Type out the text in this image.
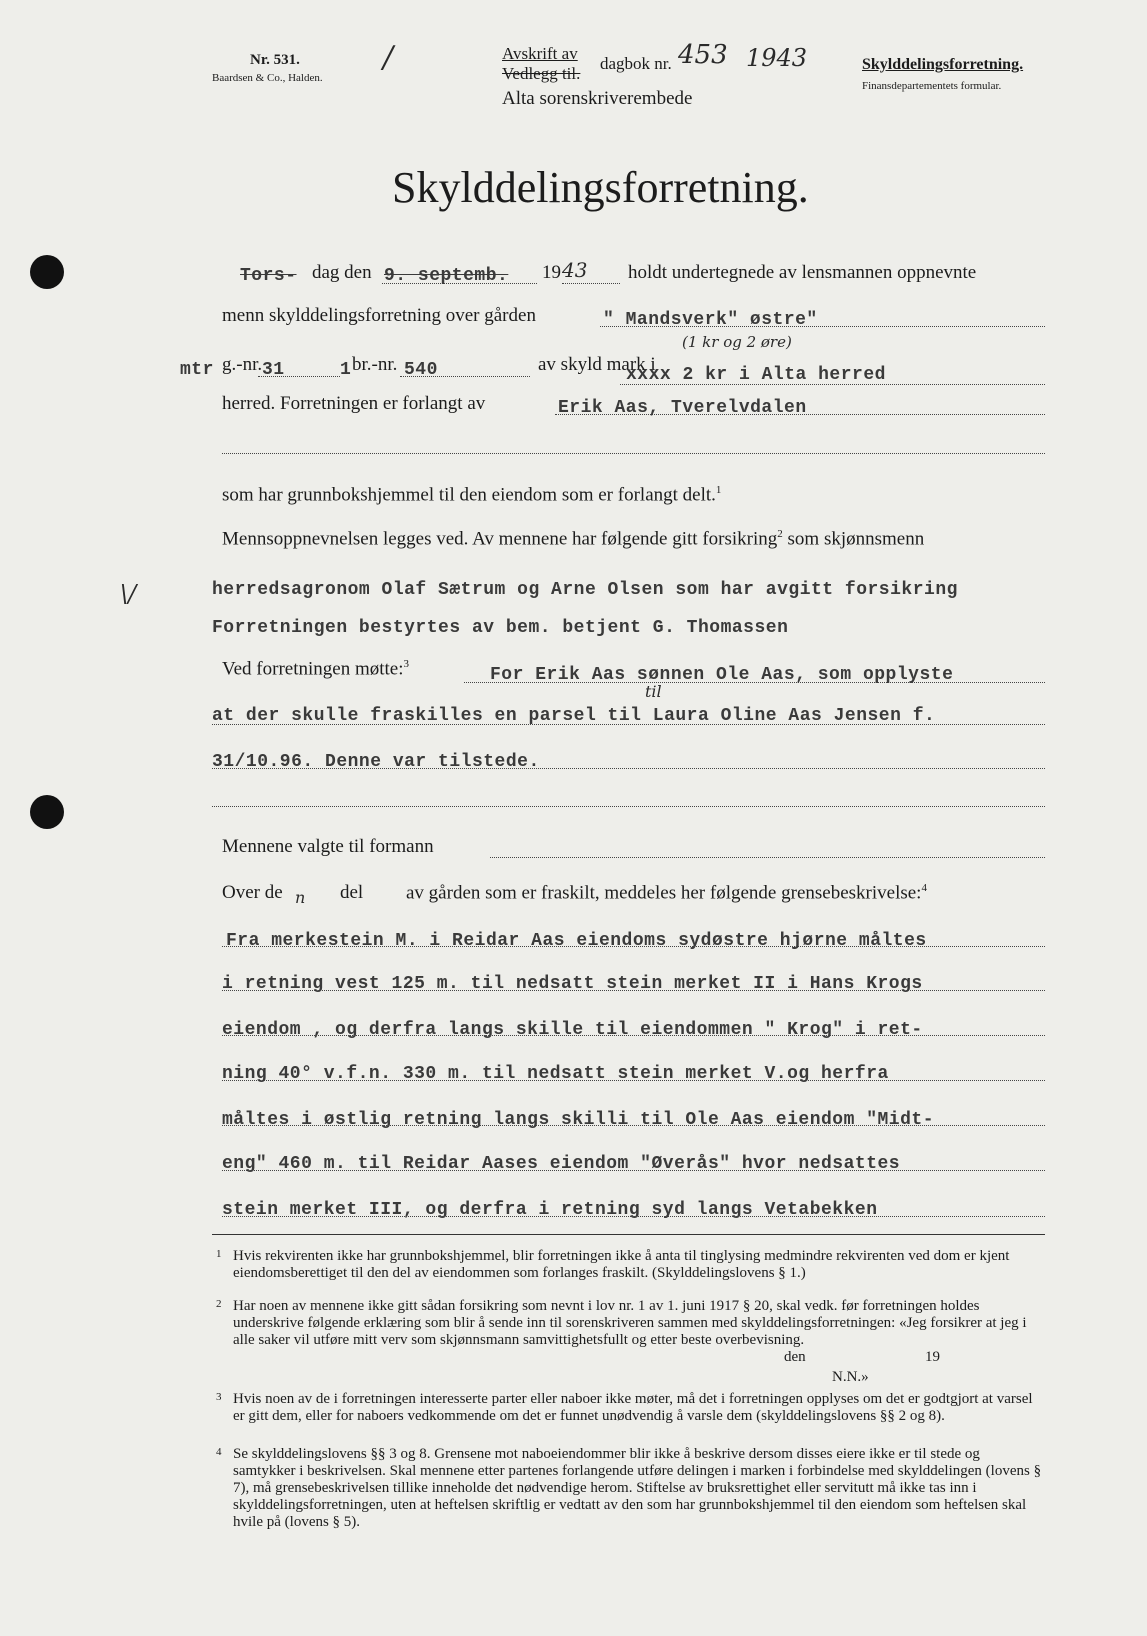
Nr. 531.
Baardsen & Co., Halden.
/	Avskrift av
Vedlegg til.
dagbok nr. 453 1943
Alta sorenskriverembede
Skylddelingsforretning.
Finansdepartementets formular.
Skylddelingsforretning.
Tors- dag den 9. septemb. 19 43 holdt undertegnede av lensmannen oppnevnte
menn skylddelingsforretning over gården	" Mandsverk" østre"
(1 kr og 2 øre)
mtr g.-nr. 31	1 br.-nr. 540	av skyld mark i
xxxx 2 kr i Alta herred
herred. Forretningen er forlangt av	Erik Aas, Tverelvdalen
som har grunnbokshjemmel til den eiendom som er forlangt delt.$^1$
Mennsoppnevnelsen legges ved. Av mennene har følgende gitt forsikring$^2$ som skjønnsmenn
herredsagronom Olaf Sætrum og Arne Olsen som har avgitt forsikring
Forretningen bestyrtes av bem. betjent G. Thomassen
\/
Ved forretningen møtte:$^3$
For Erik Aas sønnen Ole Aas, som opplyste
at der skulle fraskilles en parsel til Laura Oline Aas Jensen f.
til
31/10.96. Denne var tilstede.
Mennene valgte til formann
Over de n del av gården som er fraskilt, meddeles her følgende grensebeskrivelse:$^4$
Fra merkestein M. i Reidar Aas eiendoms sydøstre hjørne måltes
i retning vest 125 m. til nedsatt stein merket II i Hans Krogs
eiendom , og derfra langs skille til eiendommen " Krog" i ret-
ning 40° v.f.n. 330 m. til nedsatt stein merket V.og herfra
måltes i østlig retning langs skilli til Ole Aas eiendom "Midt-
eng" 460 m. til Reidar Aases eiendom "Øverås" hvor nedsattes
stein merket III, og derfra i retning syd langs Vetabekken
1 Hvis rekvirenten ikke har grunnbokshjemmel, blir forretningen ikke å anta til tinglysing medmindre rekvirenten ved dom er kjent eiendomsberettiget til den del av eiendommen som forlanges fraskilt. (Skylddelingslovens § 1.)
2 Har noen av mennene ikke gitt sådan forsikring som nevnt i lov nr. 1 av 1. juni 1917 § 20, skal vedk. før forretningen holdes underskrive følgende erklæring som blir å sende inn til sorenskriveren sammen med skylddelingsforretningen: «Jeg forsikrer at jeg i alle saker vil utføre mitt verv som skjønnsmann samvittighetsfullt og etter beste overbevisning.
den	19
N.N.»
3 Hvis noen av de i forretningen interesserte parter eller naboer ikke møter, må det i forretningen opplyses om det er godtgjort at varsel er gitt dem, eller for naboers vedkommende om det er funnet unødvendig å varsle dem (skylddelingslovens §§ 2 og 8).
4 Se skylddelingslovens §§ 3 og 8. Grensene mot naboeiendommer blir ikke å beskrive dersom disses eiere ikke er til stede og samtykker i beskrivelsen. Skal mennene etter partenes forlangende utføre delingen i marken i forbindelse med skylddelingen (lovens § 7), må grensebeskrivelsen tillike inneholde det nødvendige herom. Stiftelse av bruksrettighet eller servitutt må ikke tas inn i skylddelingsforretningen, uten at heftelsen skriftlig er vedtatt av den som har grunnbokshjemmel til den eiendom som heftelsen skal hvile på (lovens § 5).
